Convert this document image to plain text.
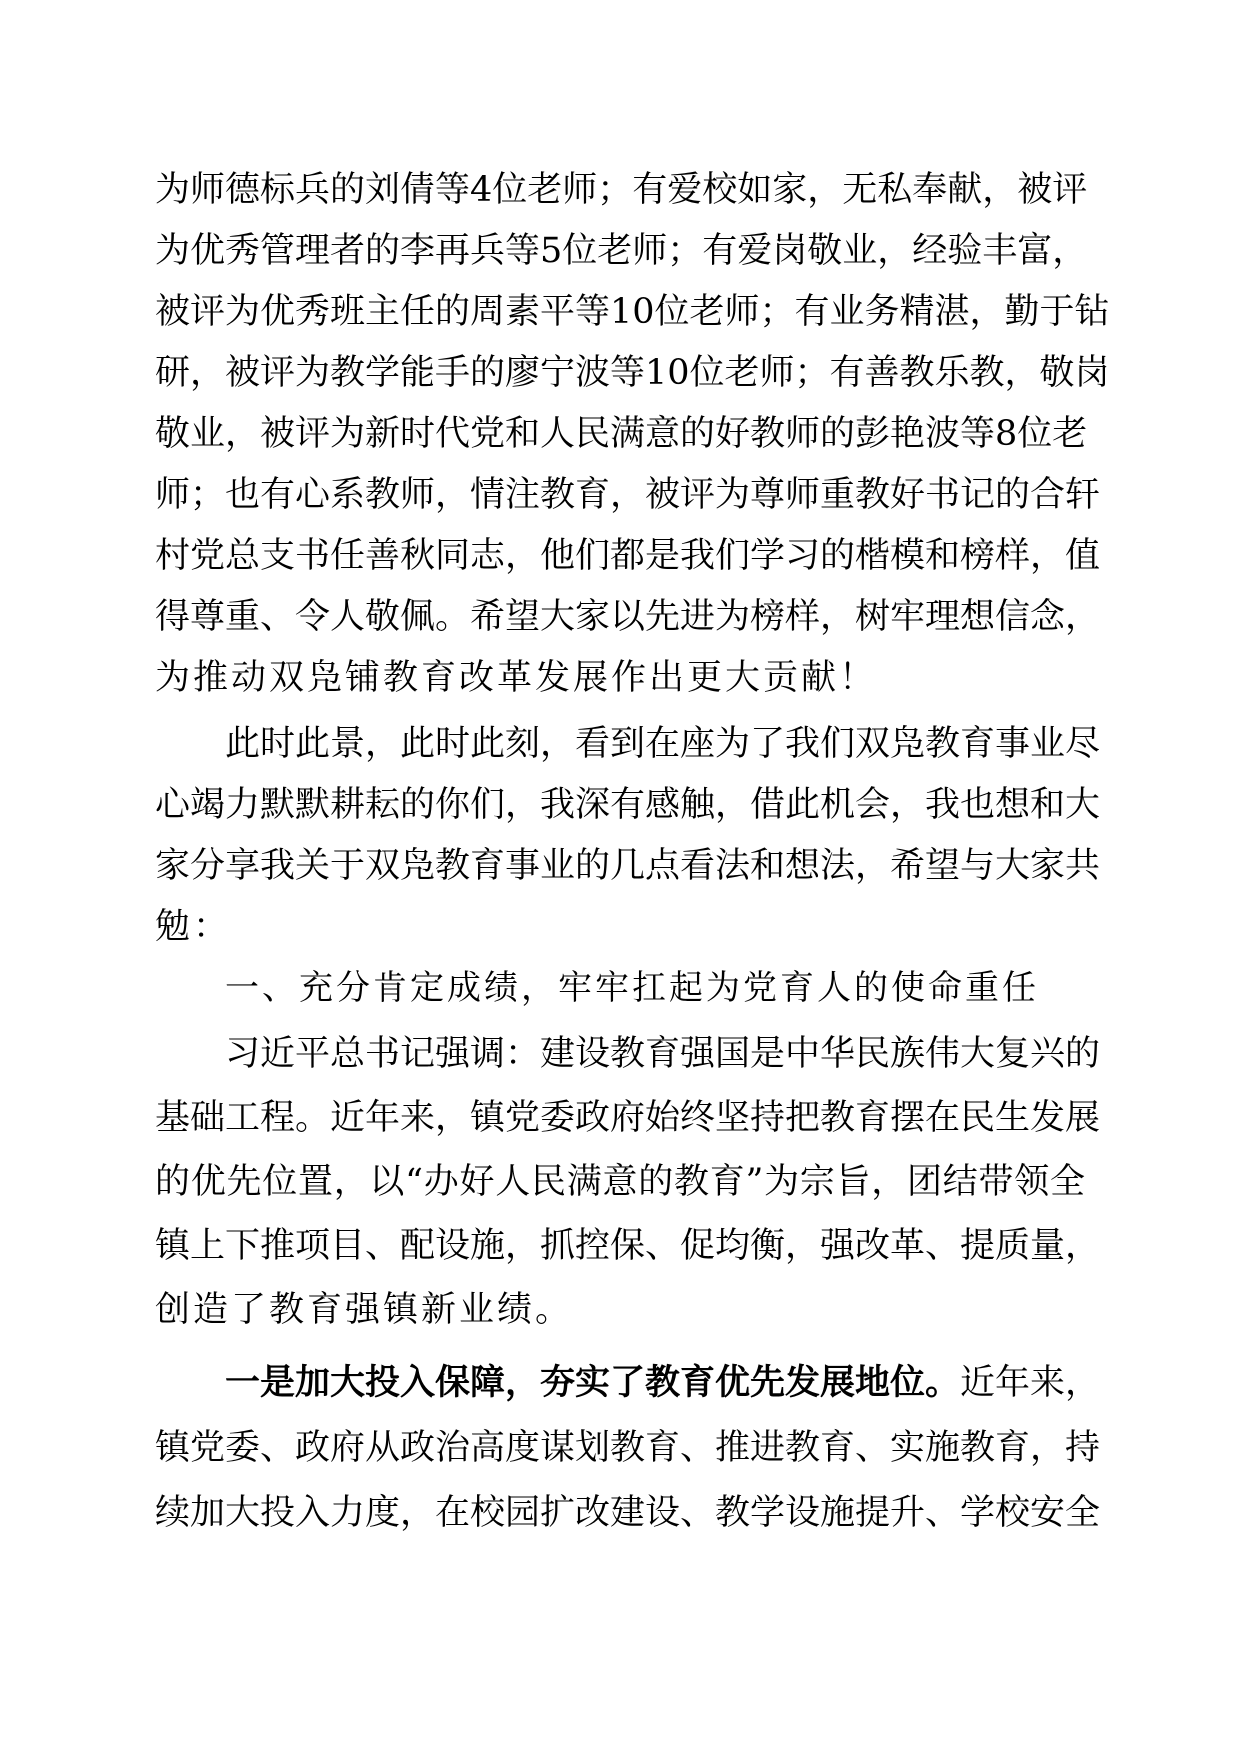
为师德标兵的刘倩等4位老师；有爱校如家，无私奉献，被评
为优秀管理者的李再兵等5位老师；有爱岗敬业，经验丰富，
被评为优秀班主任的周素平等10位老师；有业务精湛，勤于钻
研，被评为教学能手的廖宁波等10位老师；有善教乐教，敬岗
敬业，被评为新时代党和人民满意的好教师的彭艳波等8位老
师；也有心系教师，情注教育，被评为尊师重教好书记的合轩
村党总支书任善秋同志，他们都是我们学习的楷模和榜样，值
得尊重、令人敬佩。希望大家以先进为榜样，树牢理想信念，
为推动双凫铺教育改革发展作出更大贡献！
此时此景，此时此刻，看到在座为了我们双凫教育事业尽
心竭力默默耕耘的你们，我深有感触，借此机会，我也想和大
家分享我关于双凫教育事业的几点看法和想法，希望与大家共
勉：
一、充分肯定成绩，牢牢扛起为党育人的使命重任
习近平总书记强调：建设教育强国是中华民族伟大复兴的
基础工程。近年来，镇党委政府始终坚持把教育摆在民生发展
的优先位置，以“办好人民满意的教育”为宗旨，团结带领全
镇上下推项目、配设施，抓控保、促均衡，强改革、提质量，
创造了教育强镇新业绩。
一是加大投入保障，夯实了教育优先发展地位。近年来，
镇党委、政府从政治高度谋划教育、推进教育、实施教育，持
续加大投入力度，在校园扩改建设、教学设施提升、学校安全
